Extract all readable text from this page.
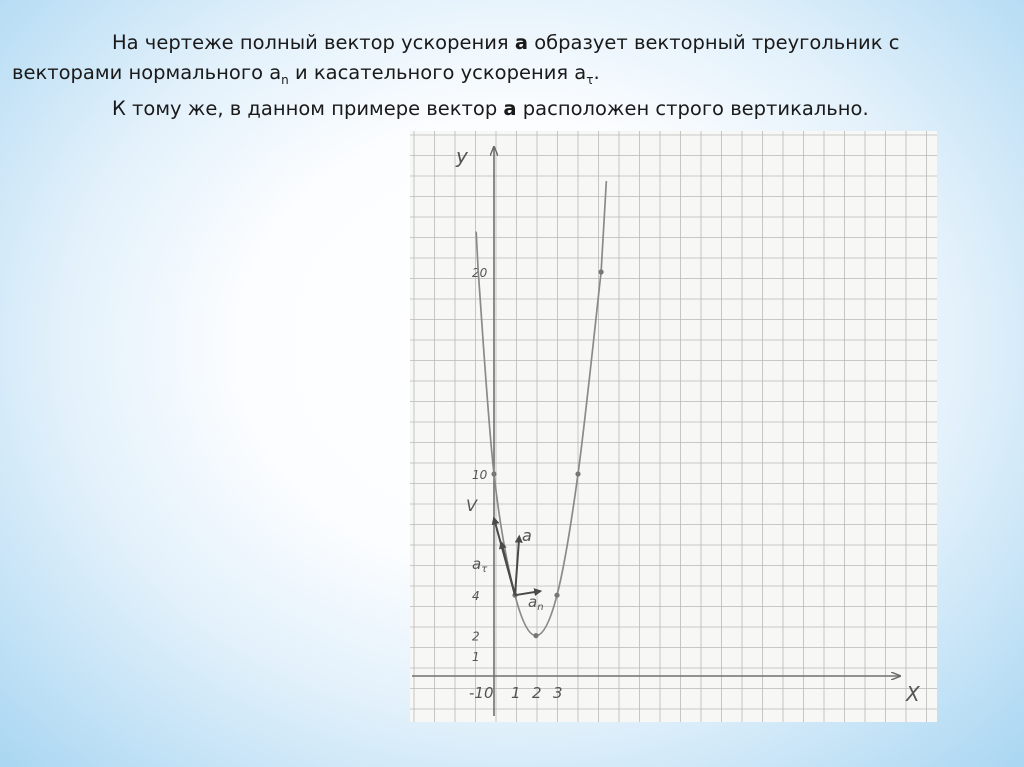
На чертеже полный вектор ускорения a образует векторный треугольник с
векторами нормального $a_n$ и касательного ускорения $a_\tau$.
К тому же, в данном примере вектор a расположен строго вертикально.
y
X
-1 0 1 2 3
1
2
4
10
20
V
$a_\tau$
a
$a_n$
